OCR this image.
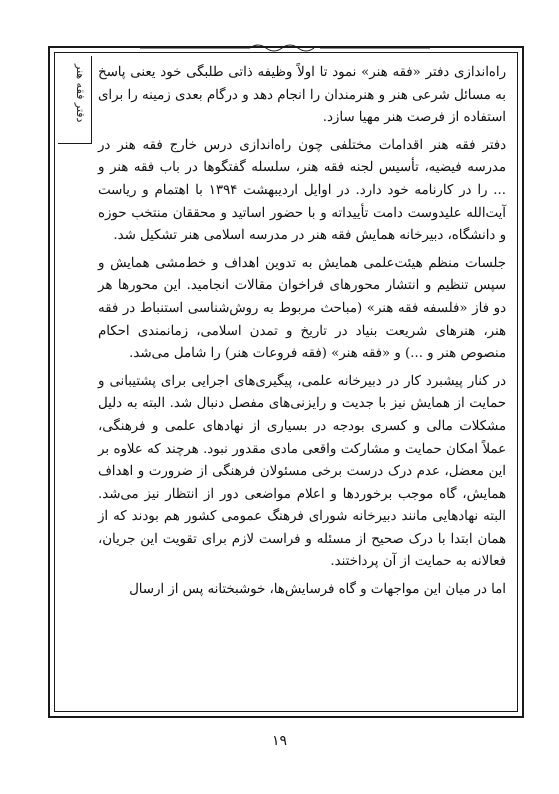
دفتر فقه هنر راه‌اندازی دفتر «فقه هنر» نمود تا اولاً وظیفه ذاتی طلبگی خود یعنی پاسخ به مسائل شرعی هنر و هنرمندان را انجام دهد و درگام بعدی زمینه را برای استفاده از فرصت هنر مهیا سازد.

دفتر فقه هنر اقدامات مختلفی چون راه‌اندازی درس خارج فقه هنر در مدرسه فیضیه، تأسیس لجنه فقه هنر، سلسله گفتگوها در باب فقه هنر و ... را در کارنامه خود دارد. در اوایل اردیبهشت ۱۳۹۴ با اهتمام و ریاست آیت‌الله علیدوست دامت تأییداته و با حضور اساتید و محققان منتخب حوزه و دانشگاه، دبیرخانه همایش فقه هنر در مدرسه اسلامی هنر تشکیل شد.

جلسات منظم هیئت‌علمی همایش به تدوین اهداف و خط‌مشی همایش و سپس تنظیم و انتشار محورهای فراخوان مقالات انجامید. این محورها هر دو فاز «فلسفه فقه هنر» (مباحث مربوط به روش‌شناسی استنباط در فقه هنر، هنرهای شریعت بنیاد در تاریخ و تمدن اسلامی، زمانمندی احکام منصوص هنر و ...) و «فقه هنر» (فقه فروعات هنر) را شامل می‌شد.

در کنار پیشبرد کار در دبیرخانه علمی، پیگیری‌های اجرایی برای پشتیبانی و حمایت از همایش نیز با جدیت و رایزنی‌های مفصل دنبال شد. البته به دلیل مشکلات مالی و کسری بودجه در بسیاری از نهادهای علمی و فرهنگی، عملاً امکان حمایت و مشارکت واقعی مادی مقدور نبود. هرچند که علاوه بر این معضل، عدم درک درست برخی مسئولان فرهنگی از ضرورت و اهداف همایش، گاه موجب برخوردها و اعلام مواضعی دور از انتظار نیز می‌شد. البته نهادهایی مانند دبیرخانه شورای فرهنگ عمومی کشور هم بودند که از همان ابتدا با درک صحیح از مسئله و فراست لازم برای تقویت این جریان، فعالانه به حمایت از آن پرداختند.

اما در میان این مواجهات و گاه فرسایش‌ها، خوشبختانه پس از ارسال

۱۹
